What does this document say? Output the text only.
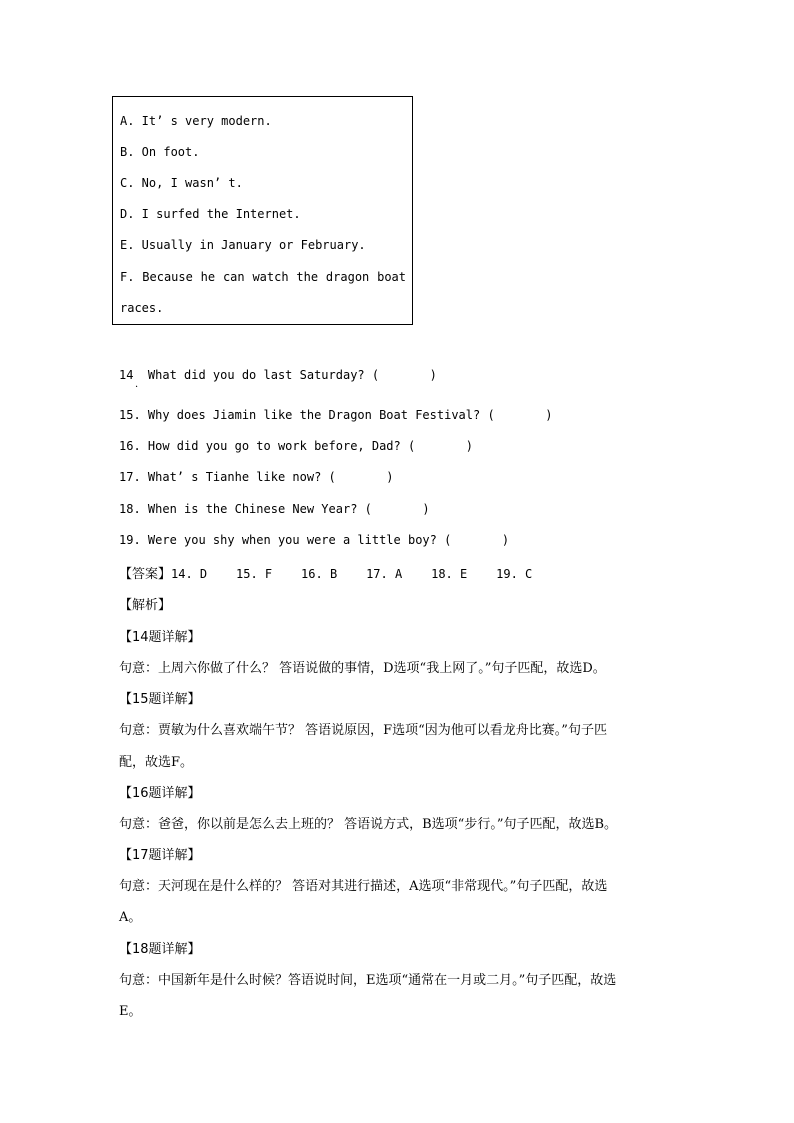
A. It’ s very modern.
B. On foot.
C. No, I wasn’ t.
D. I surfed the Internet.
E. Usually in January or February.
F. Because he can watch the dragon boat
races.
14  What did you do last Saturday? (       )
·
15. Why does Jiamin like the Dragon Boat Festival? (       )
16. How did you go to work before, Dad? (       )
17. What’ s Tianhe like now? (       )
18. When is the Chinese New Year? (       )
19. Were you shy when you were a little boy? (       )
【答案】14. D    15. F    16. B    17. A    18. E    19. C
【解析】
【14题详解】
句意：上周六你做了什么？ 答语说做的事情，D选项“我上网了。”句子匹配，故选D。
【15题详解】
句意：贾敏为什么喜欢端午节？ 答语说原因，F选项“因为他可以看龙舟比赛。”句子匹
配，故选F。
【16题详解】
句意：爸爸，你以前是怎么去上班的？ 答语说方式，B选项“步行。”句子匹配，故选B。
【17题详解】
句意：天河现在是什么样的？ 答语对其进行描述，A选项“非常现代。”句子匹配，故选
A。
【18题详解】
句意：中国新年是什么时候？答语说时间，E选项“通常在一月或二月。”句子匹配，故选
E。
